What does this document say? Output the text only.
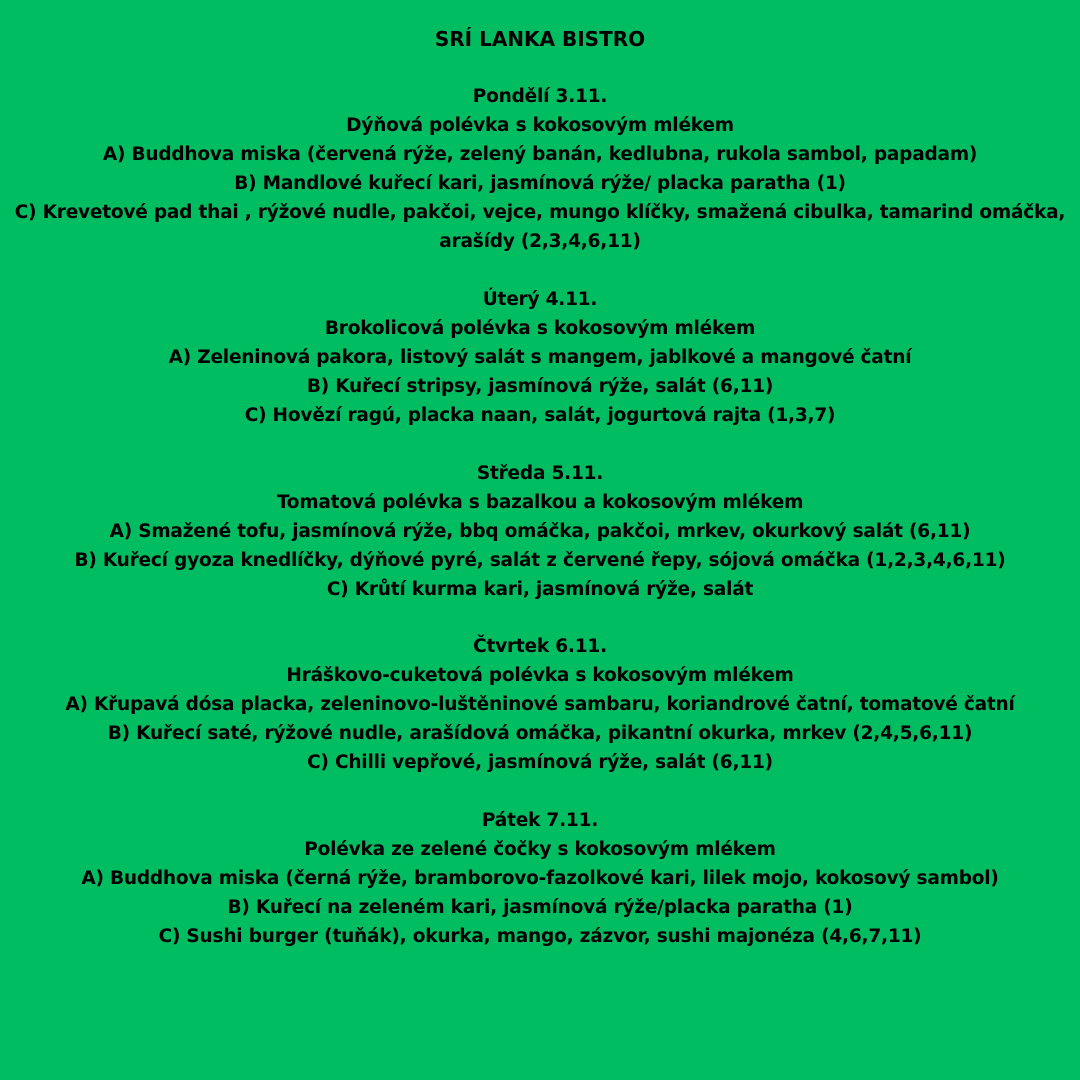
SRÍ LANKA BISTRO
Pondělí 3.11.
Dýňová polévka s kokosovým mlékem
A) Buddhova miska (červená rýže, zelený banán, kedlubna, rukola sambol, papadam)
B) Mandlové kuřecí kari, jasmínová rýže/ placka paratha (1)
C) Krevetové pad thai , rýžové nudle, pakčoi, vejce, mungo klíčky, smažená cibulka, tamarind omáčka, arašídy (2,3,4,6,11)
Úterý 4.11.
Brokolicová polévka s kokosovým mlékem
A) Zeleninová pakora, listový salát s mangem, jablkové a mangové čatní
B) Kuřecí stripsy, jasmínová rýže, salát (6,11)
C) Hovězí ragú, placka naan, salát, jogurtová rajta (1,3,7)
Středa 5.11.
Tomatová polévka s bazalkou a kokosovým mlékem
A) Smažené tofu, jasmínová rýže, bbq omáčka, pakčoi, mrkev, okurkový salát (6,11)
B) Kuřecí gyoza knedlíčky, dýňové pyré, salát z červené řepy, sójová omáčka (1,2,3,4,6,11)
C) Krůtí kurma kari, jasmínová rýže, salát
Čtvrtek 6.11.
Hráškovo-cuketová polévka s kokosovým mlékem
A) Křupavá dósa placka, zeleninovo-luštěninové sambaru, koriandrové čatní, tomatové čatní
B) Kuřecí saté, rýžové nudle, arašídová omáčka, pikantní okurka, mrkev (2,4,5,6,11)
C) Chilli vepřové, jasmínová rýže, salát (6,11)
Pátek 7.11.
Polévka ze zelené čočky s kokosovým mlékem
A) Buddhova miska (černá rýže, bramborovo-fazolkové kari, lilek mojo, kokosový sambol)
B) Kuřecí na zeleném kari, jasmínová rýže/placka paratha (1)
C) Sushi burger (tuňák), okurka, mango, zázvor, sushi majonéza (4,6,7,11)
